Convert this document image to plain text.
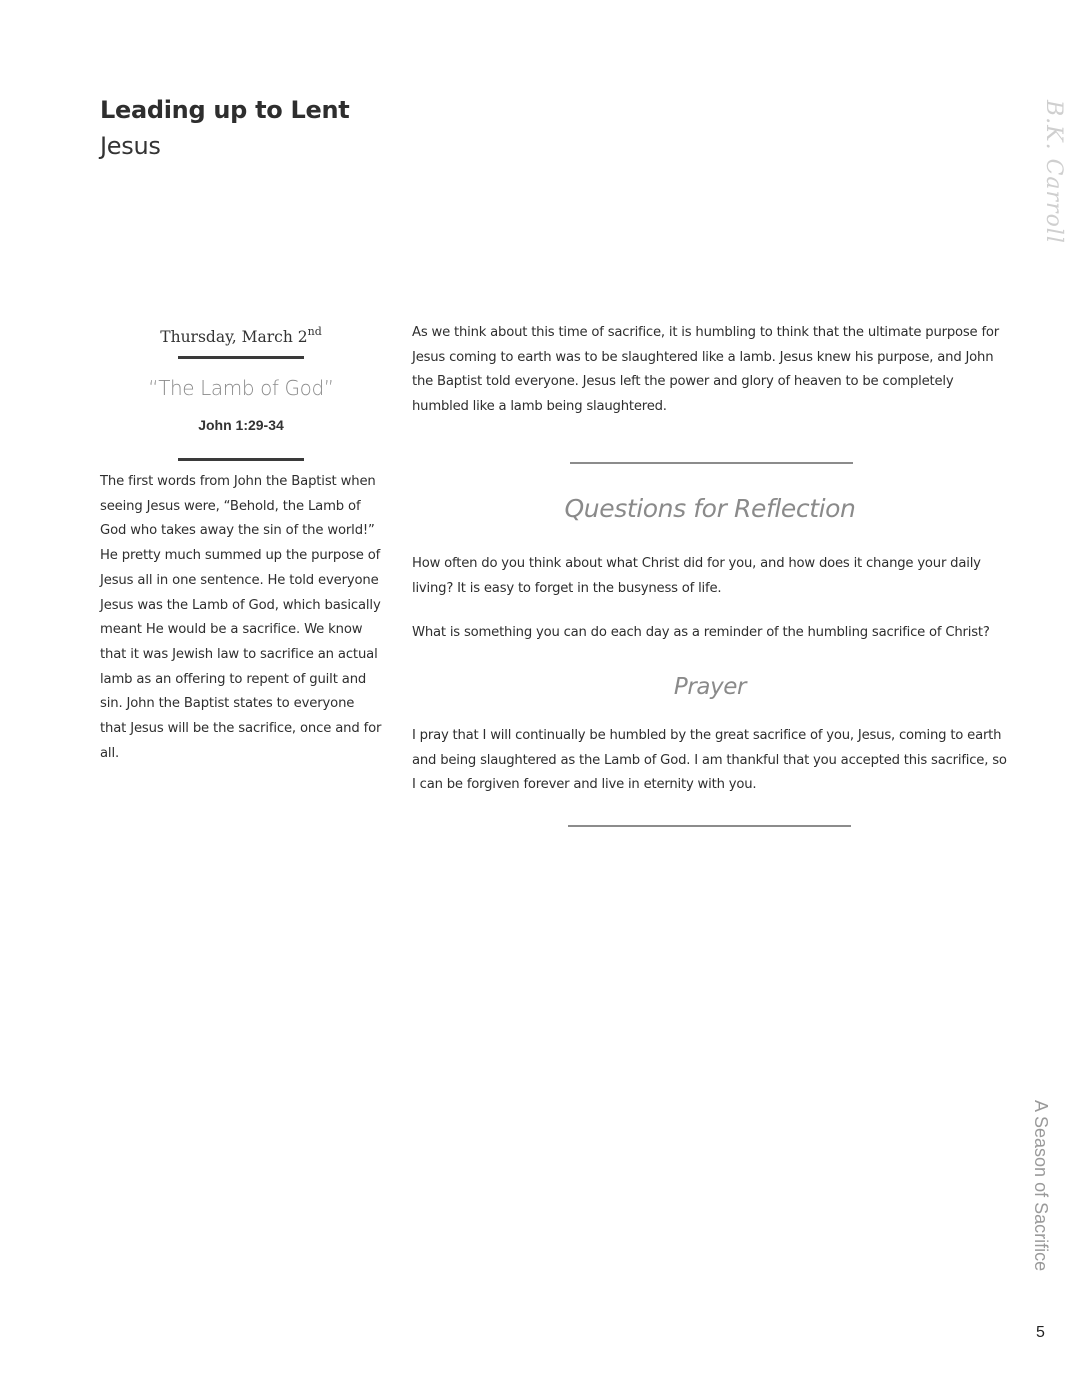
Leading up to Lent
Jesus	B.K. Carroll
Thursday, March 2nd
“The Lamb of God”
John 1:29-34
The first words from John the Baptist when seeing Jesus were, “Behold, the Lamb of God who takes away the sin of the world!” He pretty much summed up the purpose of Jesus all in one sentence. He told everyone Jesus was the Lamb of God, which basically meant He would be a sacrifice. We know that it was Jewish law to sacrifice an actual lamb as an offering to repent of guilt and sin. John the Baptist states to everyone that Jesus will be the sacrifice, once and for all.

As we think about this time of sacrifice, it is humbling to think that the ultimate purpose for Jesus coming to earth was to be slaughtered like a lamb. Jesus knew his purpose, and John the Baptist told everyone. Jesus left the power and glory of heaven to be completely humbled like a lamb being slaughtered.

Questions for Reflection

How often do you think about what Christ did for you, and how does it change your daily living? It is easy to forget in the busyness of life.

What is something you can do each day as a reminder of the humbling sacrifice of Christ?

Prayer

I pray that I will continually be humbled by the great sacrifice of you, Jesus, coming to earth and being slaughtered as the Lamb of God. I am thankful that you accepted this sacrifice, so I can be forgiven forever and live in eternity with you.

A Season of Sacrifice
5
